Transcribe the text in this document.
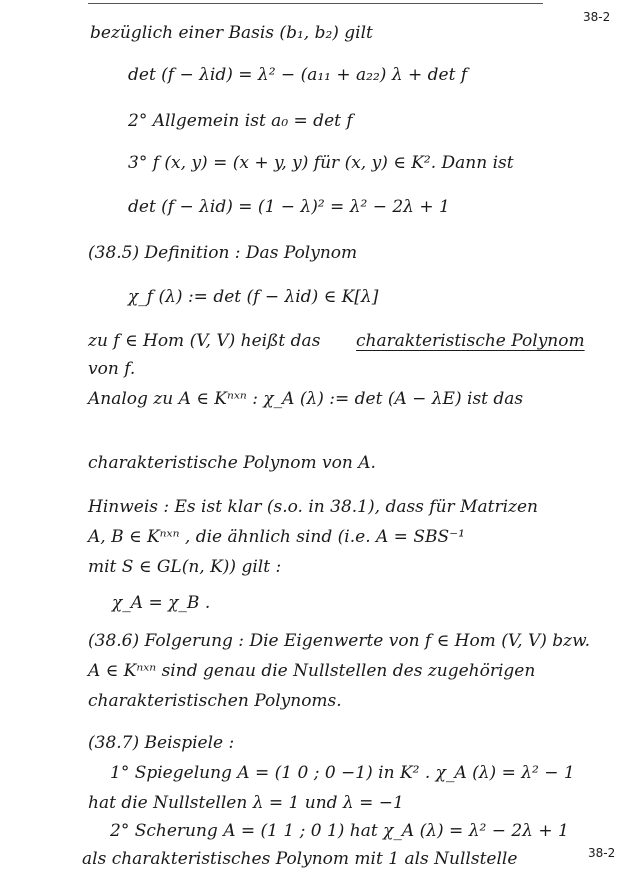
38-2
bezüglich einer Basis (b₁, b₂) gilt
det (f − λid) = λ² − (a₁₁ + a₂₂) λ + det f
2° Allgemein ist a₀ = det f
3° f (x, y) = (x + y, y) für (x, y) ∈ K². Dann ist
det (f − λid) = (1 − λ)² = λ² − 2λ + 1
(38.5) Definition : Das Polynom
χ_f (λ) := det (f − λid) ∈ K[λ]
zu f ∈ Hom (V, V) heißt das charakteristische Polynom
von f.
Analog zu A ∈ Kⁿˣⁿ : χ_A (λ) := det (A − λE) ist das
charakteristische Polynom von A.
Hinweis : Es ist klar (s.o. in 38.1), dass für Matrizen
A, B ∈ Kⁿˣⁿ , die ähnlich sind (i.e. A = SBS⁻¹
mit S ∈ GL(n, K)) gilt :
χ_A = χ_B .
(38.6) Folgerung : Die Eigenwerte von f ∈ Hom (V, V) bzw.
A ∈ Kⁿˣⁿ sind genau die Nullstellen des zugehörigen
charakteristischen Polynoms.
(38.7) Beispiele :
1° Spiegelung A = (1 0 ; 0 −1) in K² . χ_A (λ) = λ² − 1
hat die Nullstellen λ = 1 und λ = −1
2° Scherung A = (1 1 ; 0 1) hat χ_A (λ) = λ² − 2λ + 1
als charakteristisches Polynom mit 1 als Nullstelle	38-2
